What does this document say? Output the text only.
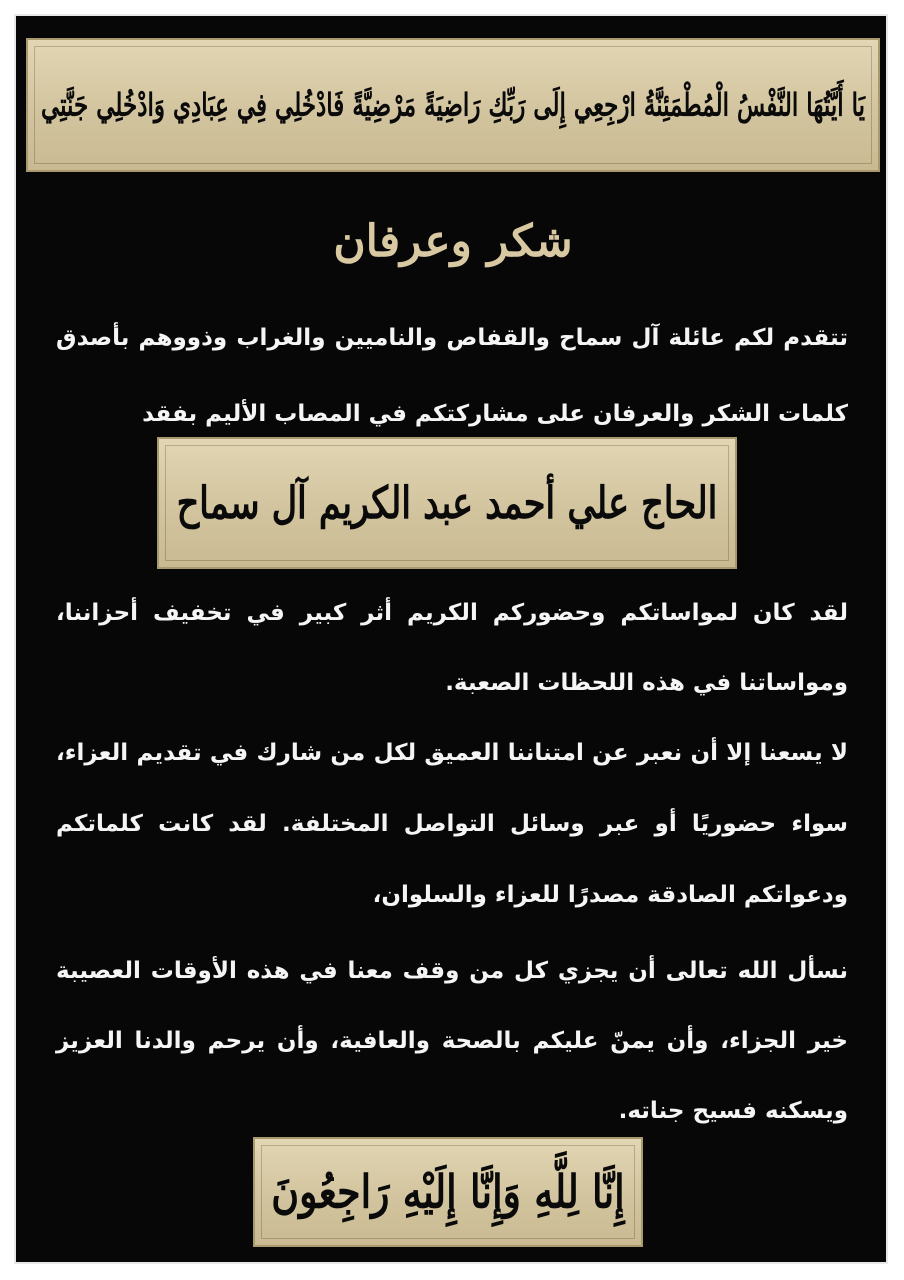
يَا أَيَّتُهَا النَّفْسُ الْمُطْمَئِنَّةُ ارْجِعِي إِلَى رَبِّكِ رَاضِيَةً مَرْضِيَّةً فَادْخُلِي فِي عِبَادِي وَادْخُلِي جَنَّتِي
شكر وعرفان
تتقدم لكم عائلة آل سماح والقفاص والناميين والغراب وذووهم بأصدق كلمات الشكر والعرفان على مشاركتكم في المصاب الأليم بفقد
الحاج علي أحمد عبد الكريم آل سماح
لقد كان لمواساتكم وحضوركم الكريم أثر كبير في تخفيف أحزاننا، ومواساتنا في هذه اللحظات الصعبة.
لا يسعنا إلا أن نعبر عن امتناننا العميق لكل من شارك في تقديم العزاء، سواء حضوريًا أو عبر وسائل التواصل المختلفة. لقد كانت كلماتكم ودعواتكم الصادقة مصدرًا للعزاء والسلوان،
نسأل الله تعالى أن يجزي كل من وقف معنا في هذه الأوقات العصيبة خير الجزاء، وأن يمنّ عليكم بالصحة والعافية، وأن يرحم والدنا العزيز ويسكنه فسيح جناته.
إِنَّا لِلَّهِ وَإِنَّا إِلَيْهِ رَاجِعُونَ
